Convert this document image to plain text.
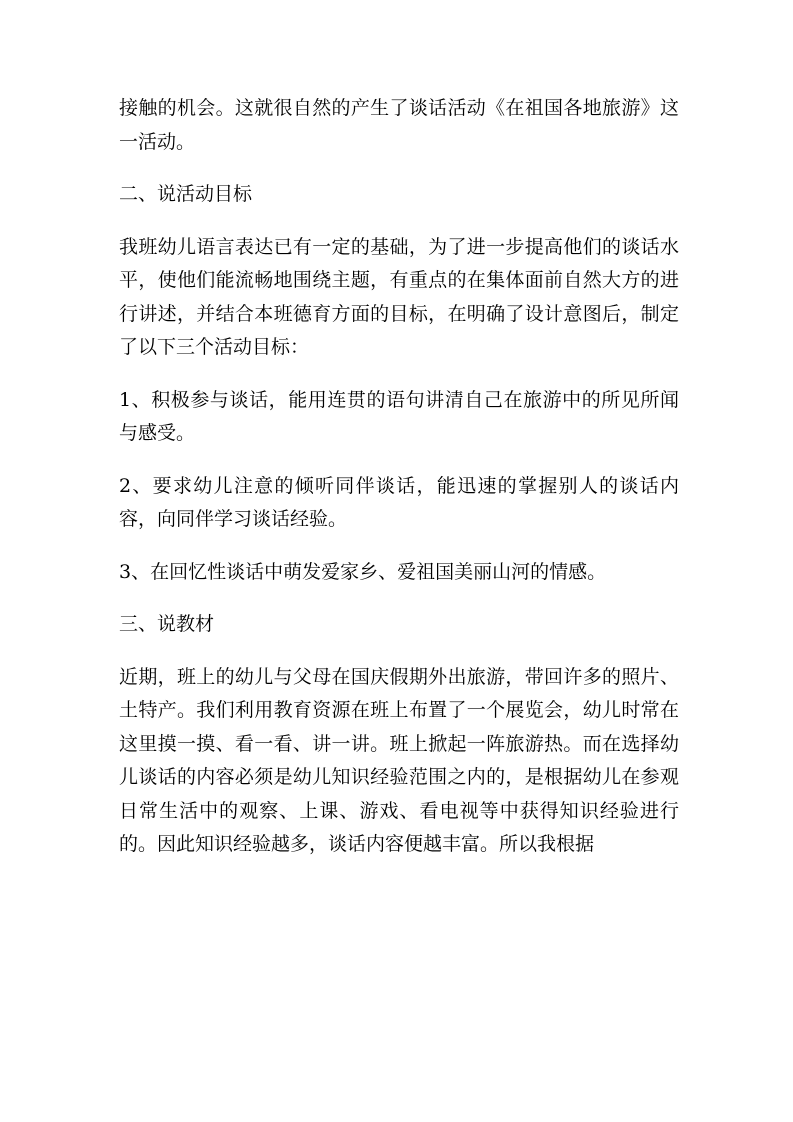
接触的机会。这就很自然的产生了谈话活动《在祖国各地旅游》这一活动。

二、说活动目标

我班幼儿语言表达已有一定的基础，为了进一步提高他们的谈话水平，使他们能流畅地围绕主题，有重点的在集体面前自然大方的进行讲述，并结合本班德育方面的目标，在明确了设计意图后，制定了以下三个活动目标：

1、积极参与谈话，能用连贯的语句讲清自己在旅游中的所见所闻与感受。

2、要求幼儿注意的倾听同伴谈话，能迅速的掌握别人的谈话内容，向同伴学习谈话经验。

3、在回忆性谈话中萌发爱家乡、爱祖国美丽山河的情感。

三、说教材

近期，班上的幼儿与父母在国庆假期外出旅游，带回许多的照片、土特产。我们利用教育资源在班上布置了一个展览会，幼儿时常在这里摸一摸、看一看、讲一讲。班上掀起一阵旅游热。而在选择幼儿谈话的内容必须是幼儿知识经验范围之内的，是根据幼儿在参观日常生活中的观察、上课、游戏、看电视等中获得知识经验进行的。因此知识经验越多，谈话内容便越丰富。所以我根据
